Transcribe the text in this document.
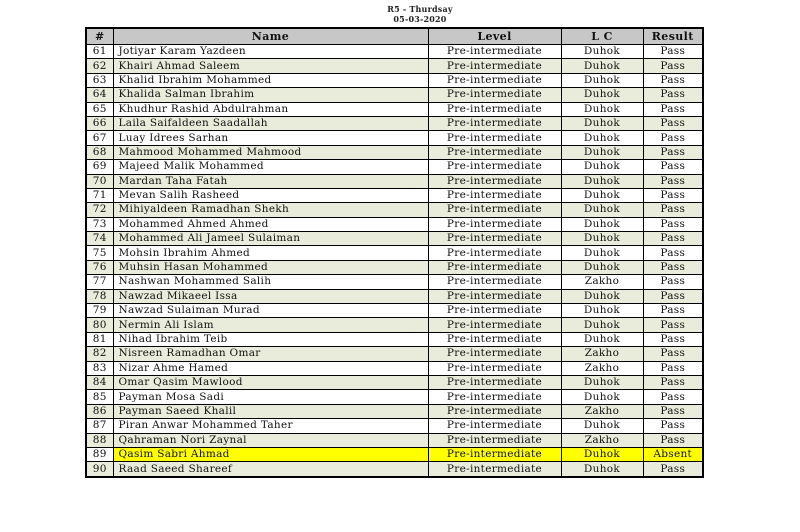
R5 - Thurdsay
05-03-2020
#	Name	Level	L C	Result
61	Jotiyar Karam Yazdeen	Pre-intermediate	Duhok	Pass
62	Khairi Ahmad Saleem	Pre-intermediate	Duhok	Pass
63	Khalid Ibrahim Mohammed	Pre-intermediate	Duhok	Pass
64	Khalida Salman Ibrahim	Pre-intermediate	Duhok	Pass
65	Khudhur Rashid Abdulrahman	Pre-intermediate	Duhok	Pass
66	Laila Saifaldeen Saadallah	Pre-intermediate	Duhok	Pass
67	Luay Idrees Sarhan	Pre-intermediate	Duhok	Pass
68	Mahmood Mohammed Mahmood	Pre-intermediate	Duhok	Pass
69	Majeed Malik Mohammed	Pre-intermediate	Duhok	Pass
70	Mardan Taha Fatah	Pre-intermediate	Duhok	Pass
71	Mevan Salih Rasheed	Pre-intermediate	Duhok	Pass
72	Mihiyaldeen Ramadhan Shekh	Pre-intermediate	Duhok	Pass
73	Mohammed Ahmed Ahmed	Pre-intermediate	Duhok	Pass
74	Mohammed Ali Jameel Sulaiman	Pre-intermediate	Duhok	Pass
75	Mohsin Ibrahim Ahmed	Pre-intermediate	Duhok	Pass
76	Muhsin Hasan Mohammed	Pre-intermediate	Duhok	Pass
77	Nashwan Mohammed Salih	Pre-intermediate	Zakho	Pass
78	Nawzad Mikaeel Issa	Pre-intermediate	Duhok	Pass
79	Nawzad Sulaiman Murad	Pre-intermediate	Duhok	Pass
80	Nermin Ali Islam	Pre-intermediate	Duhok	Pass
81	Nihad Ibrahim Teib	Pre-intermediate	Duhok	Pass
82	Nisreen Ramadhan Omar	Pre-intermediate	Zakho	Pass
83	Nizar Ahme Hamed	Pre-intermediate	Zakho	Pass
84	Omar Qasim Mawlood	Pre-intermediate	Duhok	Pass
85	Payman Mosa Sadi	Pre-intermediate	Duhok	Pass
86	Payman Saeed Khalil	Pre-intermediate	Zakho	Pass
87	Piran Anwar Mohammed Taher	Pre-intermediate	Duhok	Pass
88	Qahraman Nori Zaynal	Pre-intermediate	Zakho	Pass
89	Qasim Sabri Ahmad	Pre-intermediate	Duhok	Absent
90	Raad Saeed Shareef	Pre-intermediate	Duhok	Pass
